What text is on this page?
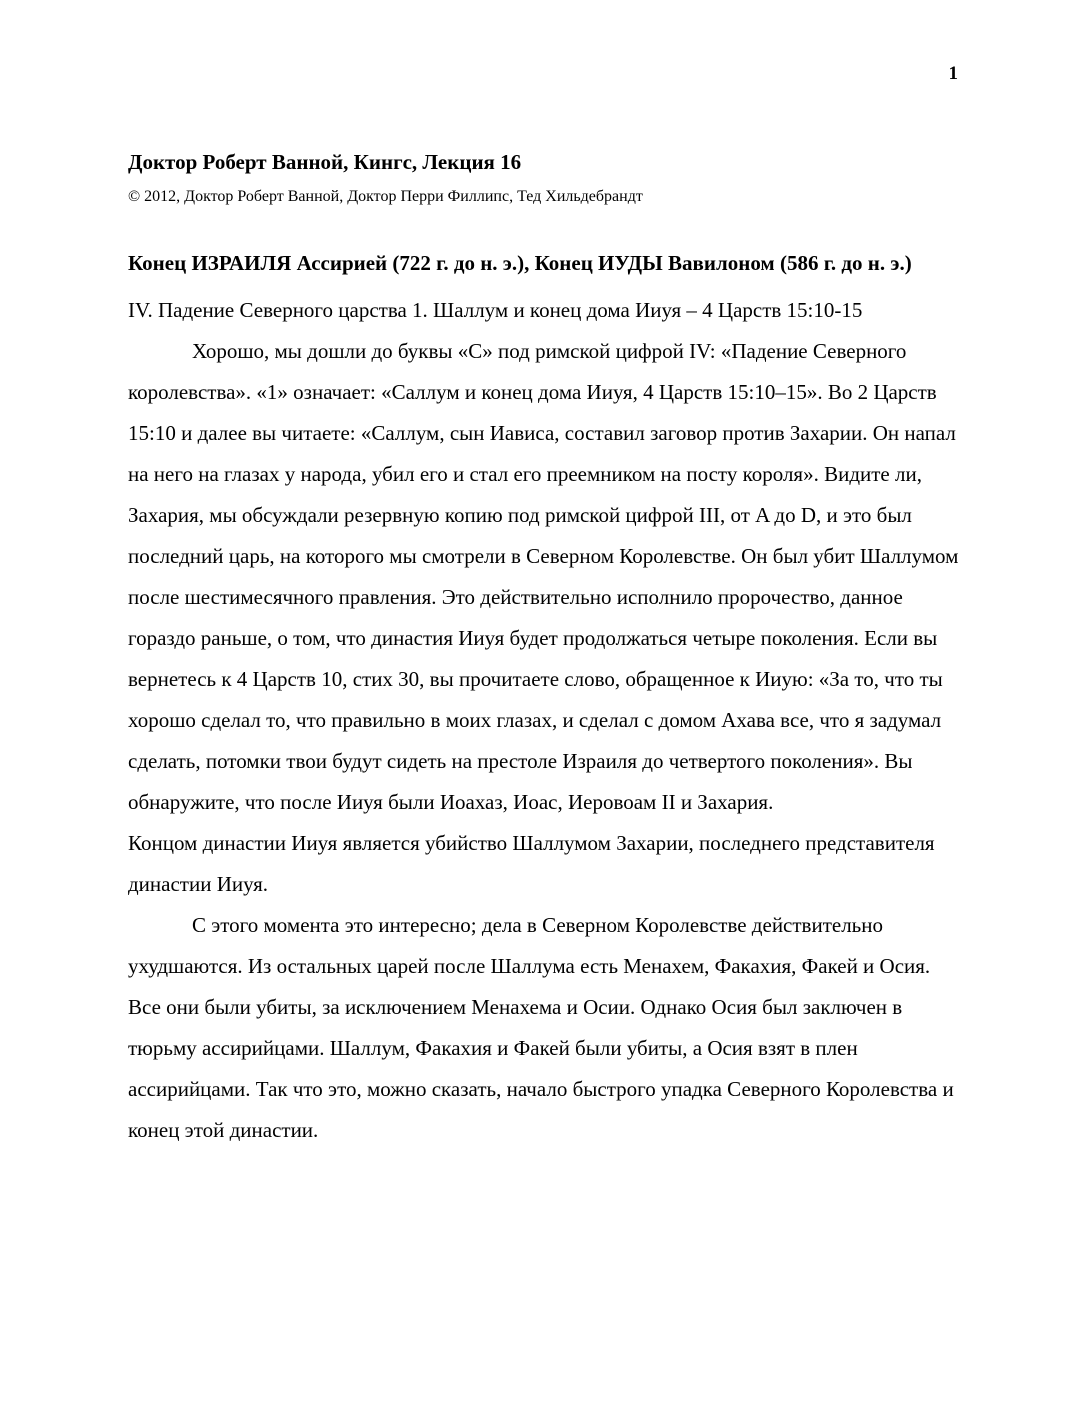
1
Доктор Роберт Ванной, Кингс, Лекция 16
© 2012, Доктор Роберт Ванной, Доктор Перри Филлипс, Тед Хильдебрандт
Конец ИЗРАИЛЯ Ассирией (722 г. до н. э.), Конец ИУДЫ Вавилоном (586 г. до н. э.)
IV. Падение Северного царства 1. Шаллум и конец дома Ииуя – 4 Царств 15:10-15

Хорошо, мы дошли до буквы «С» под римской цифрой IV: «Падение Северного королевства». «1» означает: «Саллум и конец дома Ииуя, 4 Царств 15:10–15». Во 2 Царств 15:10 и далее вы читаете: «Саллум, сын Иависа, составил заговор против Захарии. Он напал на него на глазах у народа, убил его и стал его преемником на посту короля». Видите ли, Захария, мы обсуждали резервную копию под римской цифрой III, от A до D, и это был последний царь, на которого мы смотрели в Северном Королевстве. Он был убит Шаллумом после шестимесячного правления. Это действительно исполнило пророчество, данное гораздо раньше, о том, что династия Ииуя будет продолжаться четыре поколения. Если вы вернетесь к 4 Царств 10, стих 30, вы прочитаете слово, обращенное к Ииую: «За то, что ты хорошо сделал то, что правильно в моих глазах, и сделал с домом Ахава все, что я задумал сделать, потомки твои будут сидеть на престоле Израиля до четвертого поколения». Вы обнаружите, что после Ииуя были Иоахаз, Иоас, Иеровоам II и Захария.

Концом династии Ииуя является убийство Шаллумом Захарии, последнего представителя династии Ииуя.

С этого момента это интересно; дела в Северном Королевстве действительно ухудшаются. Из остальных царей после Шаллума есть Менахем, Факахия, Факей и Осия. Все они были убиты, за исключением Менахема и Осии. Однако Осия был заключен в тюрьму ассирийцами. Шаллум, Факахия и Факей были убиты, а Осия взят в плен ассирийцами. Так что это, можно сказать, начало быстрого упадка Северного Королевства и конец этой династии.
